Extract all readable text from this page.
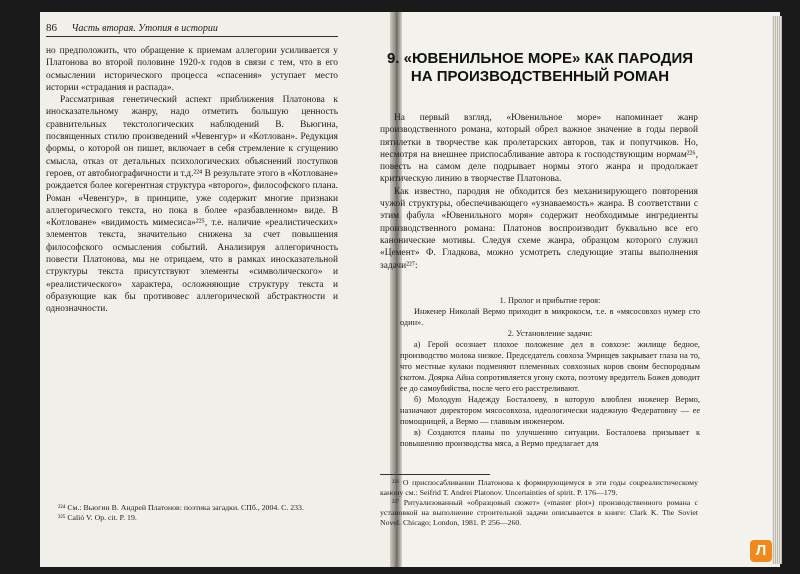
86 Часть вторая. Утопия в истории

но предположить, что обращение к приемам аллегории усиливается у Платонова во второй половине 1920-х годов в связи с тем, что в его осмыслении исторического процесса «спасения» уступает место истории «страдания и распада».

Рассматривая генетический аспект приближения Платонова к иносказательному жанру, надо отметить большую ценность сравнительных текстологических наблюдений В. Вьюгина, посвященных стилю произведений «Чевенгур» и «Котлован». Редукция формы, о которой он пишет, включает в себя стремление к сгущению смысла, отказ от детальных психологических объяснений поступков героев, от автобиографичности и т.д.²²⁴ В результате этого в «Котловане» рождается более когерентная структура «второго», философского плана. Роман «Чевенгур», в принципе, уже содержит многие признаки аллегорического текста, но пока в более «разбавленном» виде. В «Котловане» «видимость мимесиса»²²⁵, т.е. наличие «реалистических» элементов текста, значительно снижена за счет повышения философского осмысления событий. Анализируя аллегоричность повести Платонова, мы не отрицаем, что в рамках иносказательной структуры текста присутствуют элементы «символического» и «реалистического» характера, осложняющие структуру текста и образующие как бы противовес аллегорической абстрактности и однозначности.

²²⁴ См.: Вьюгин В. Андрей Платонов: поэтика загадки. СПб., 2004. С. 233.

²²⁵ Caliò V. Op. cit. P. 19.

9. «ЮВЕНИЛЬНОЕ МОРЕ» КАК ПАРОДИЯ НА ПРОИЗВОДСТВЕННЫЙ РОМАН

На первый взгляд, «Ювенильное море» напоминает жанр производственного романа, который обрел важное значение в годы первой пятилетки в творчестве как пролетарских авторов, так и попутчиков. Но, несмотря на внешнее приспосабливание автора к господствующим нормам²²⁶, повесть на самом деле подрывает нормы этого жанра и продолжает критическую линию в творчестве Платонова.

Как известно, пародия не обходится без механизирующего повторения чужой структуры, обеспечивающего «узнаваемость» жанра. В соответствии с этим фабула «Ювенильного моря» содержит необходимые ингредиенты производственного романа: Платонов воспроизводит буквально все его канонические мотивы. Следуя схеме жанра, образцом которого служил «Цемент» Ф. Гладкова, можно усмотреть следующие этапы выполнения задачи²²⁷:

1. Пролог и прибытие героя:

Инженер Николай Вермо приходит в микрокосм, т.е. в «мясосовхоз нумер сто один».

2. Установление задачи:

а) Герой осознает плохое положение дел в совхозе: жилище бедное, производство молока низкое. Председатель совхоза Умрищев закрывает глаза на то, что местные кулаки подменяют племенных совхозных коров своим беспородным скотом. Доярка Айна сопротивляется угону скота, поэтому вредитель Божев доводит ее до самоубийства, после чего его расстреливают.

б) Молодую Надежду Босталоеву, в которую влюблен инженер Вермо, назначают директором мясосовхоза, идеологически надежную Федератовну — ее помощницей, а Вермо — главным инженером.

в) Создаются планы по улучшению ситуации. Босталоева призывает к повышению производства мяса, а Вермо предлагает для

²²⁶ О приспосабливании Платонова к формирующемуся в эти годы соцреалистическому канону см.: Seifrid T. Andrei Platonov. Uncertainties of spirit. P. 176—179.

²²⁷ Ритуализованный «образцовый сюжет» («master plot») производственного романа с установкой на выполнение строительной задачи описывается в книге: Clark K. The Soviet Novel. Chicago; London, 1981. P. 256—260.

Л
